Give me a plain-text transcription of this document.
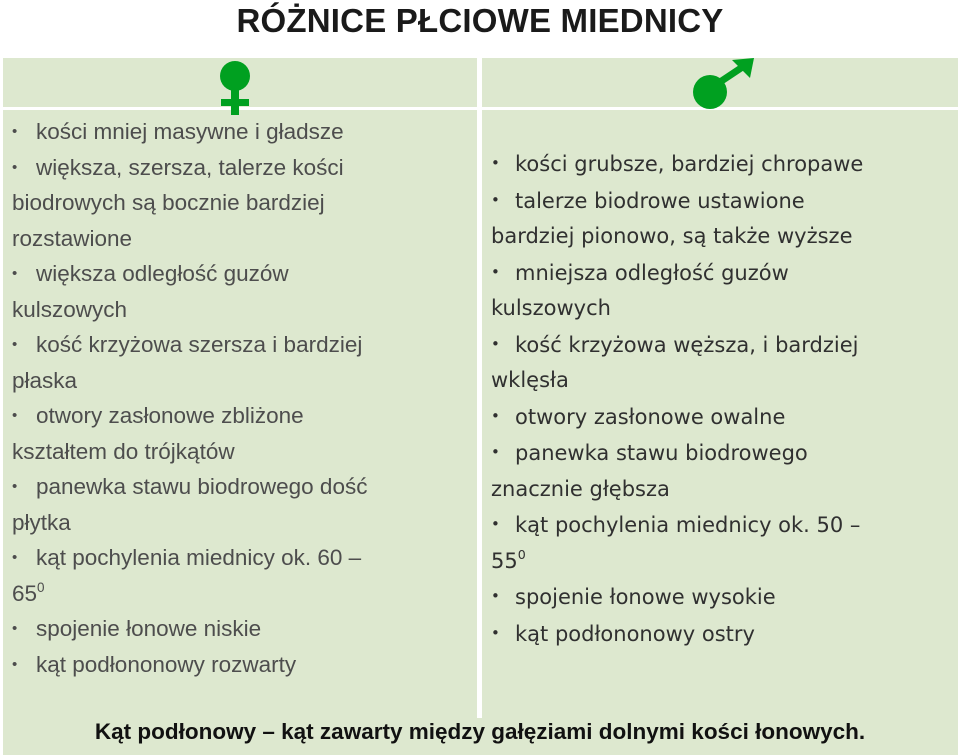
RÓŻNICE PŁCIOWE MIEDNICY
• kości mniej masywne i gładsze
• większa, szersza, talerze kości
biodrowych są bocznie bardziej
rozstawione
• większa odległość guzów
kulszowych
• kość krzyżowa szersza i bardziej
płaska
• otwory zasłonowe zbliżone
kształtem do trójkątów
• panewka stawu biodrowego dość
płytka
• kąt pochylenia miednicy ok. 60 –
$65^0$
• spojenie łonowe niskie
• kąt podłononowy rozwarty
• kości grubsze, bardziej chropawe
• talerze biodrowe ustawione
bardziej pionowo, są także wyższe
• mniejsza odległość guzów
kulszowych
• kość krzyżowa węższa, i bardziej
wklęsła
• otwory zasłonowe owalne
• panewka stawu biodrowego
znacznie głębsza
• kąt pochylenia miednicy ok. 50 –
$55^0$
• spojenie łonowe wysokie
• kąt podłononowy ostry
Kąt podłonowy – kąt zawarty między gałęziami dolnymi kości łonowych.
